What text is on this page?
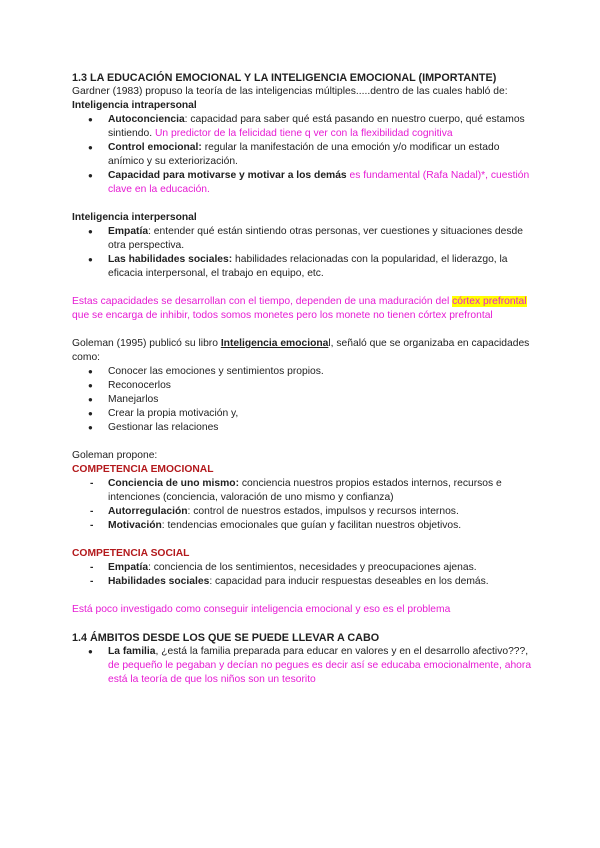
1.3 LA EDUCACIÓN EMOCIONAL Y LA INTELIGENCIA EMOCIONAL (IMPORTANTE)

Gardner (1983) propuso la teoría de las inteligencias múltiples.....dentro de las cuales habló de:

Inteligencia intrapersonal

● Autoconciencia: capacidad para saber qué está pasando en nuestro cuerpo, qué estamos sintiendo. Un predictor de la felicidad tiene q ver con la flexibilidad cognitiva
● Control emocional: regular la manifestación de una emoción y/o modificar un estado anímico y su exteriorización.
● Capacidad para motivarse y motivar a los demás es fundamental (Rafa Nadal)*, cuestión clave en la educación.

Inteligencia interpersonal

● Empatía: entender qué están sintiendo otras personas, ver cuestiones y situaciones desde otra perspectiva.
● Las habilidades sociales: habilidades relacionadas con la popularidad, el liderazgo, la eficacia interpersonal, el trabajo en equipo, etc.

Estas capacidades se desarrollan con el tiempo, dependen de una maduración del córtex prefrontal que se encarga de inhibir, todos somos monetes pero los monete no tienen córtex prefrontal

Goleman (1995) publicó su libro Inteligencia emocional, señaló que se organizaba en capacidades como:

● Conocer las emociones y sentimientos propios.
● Reconocerlos
● Manejarlos
● Crear la propia motivación y,
● Gestionar las relaciones

Goleman propone:

COMPETENCIA EMOCIONAL

- Conciencia de uno mismo: conciencia nuestros propios estados internos, recursos e intenciones (conciencia, valoración de uno mismo y confianza)
- Autorregulación: control de nuestros estados, impulsos y recursos internos.
- Motivación: tendencias emocionales que guían y facilitan nuestros objetivos.

COMPETENCIA SOCIAL

- Empatía: conciencia de los sentimientos, necesidades y preocupaciones ajenas.
- Habilidades sociales: capacidad para inducir respuestas deseables en los demás.

Está poco investigado como conseguir inteligencia emocional y eso es el problema

1.4 ÁMBITOS DESDE LOS QUE SE PUEDE LLEVAR A CABO

● La familia, ¿está la familia preparada para educar en valores y en el desarrollo afectivo???, de pequeño le pegaban y decían no pegues es decir así se educaba emocionalmente, ahora está la teoría de que los niños son un tesorito
